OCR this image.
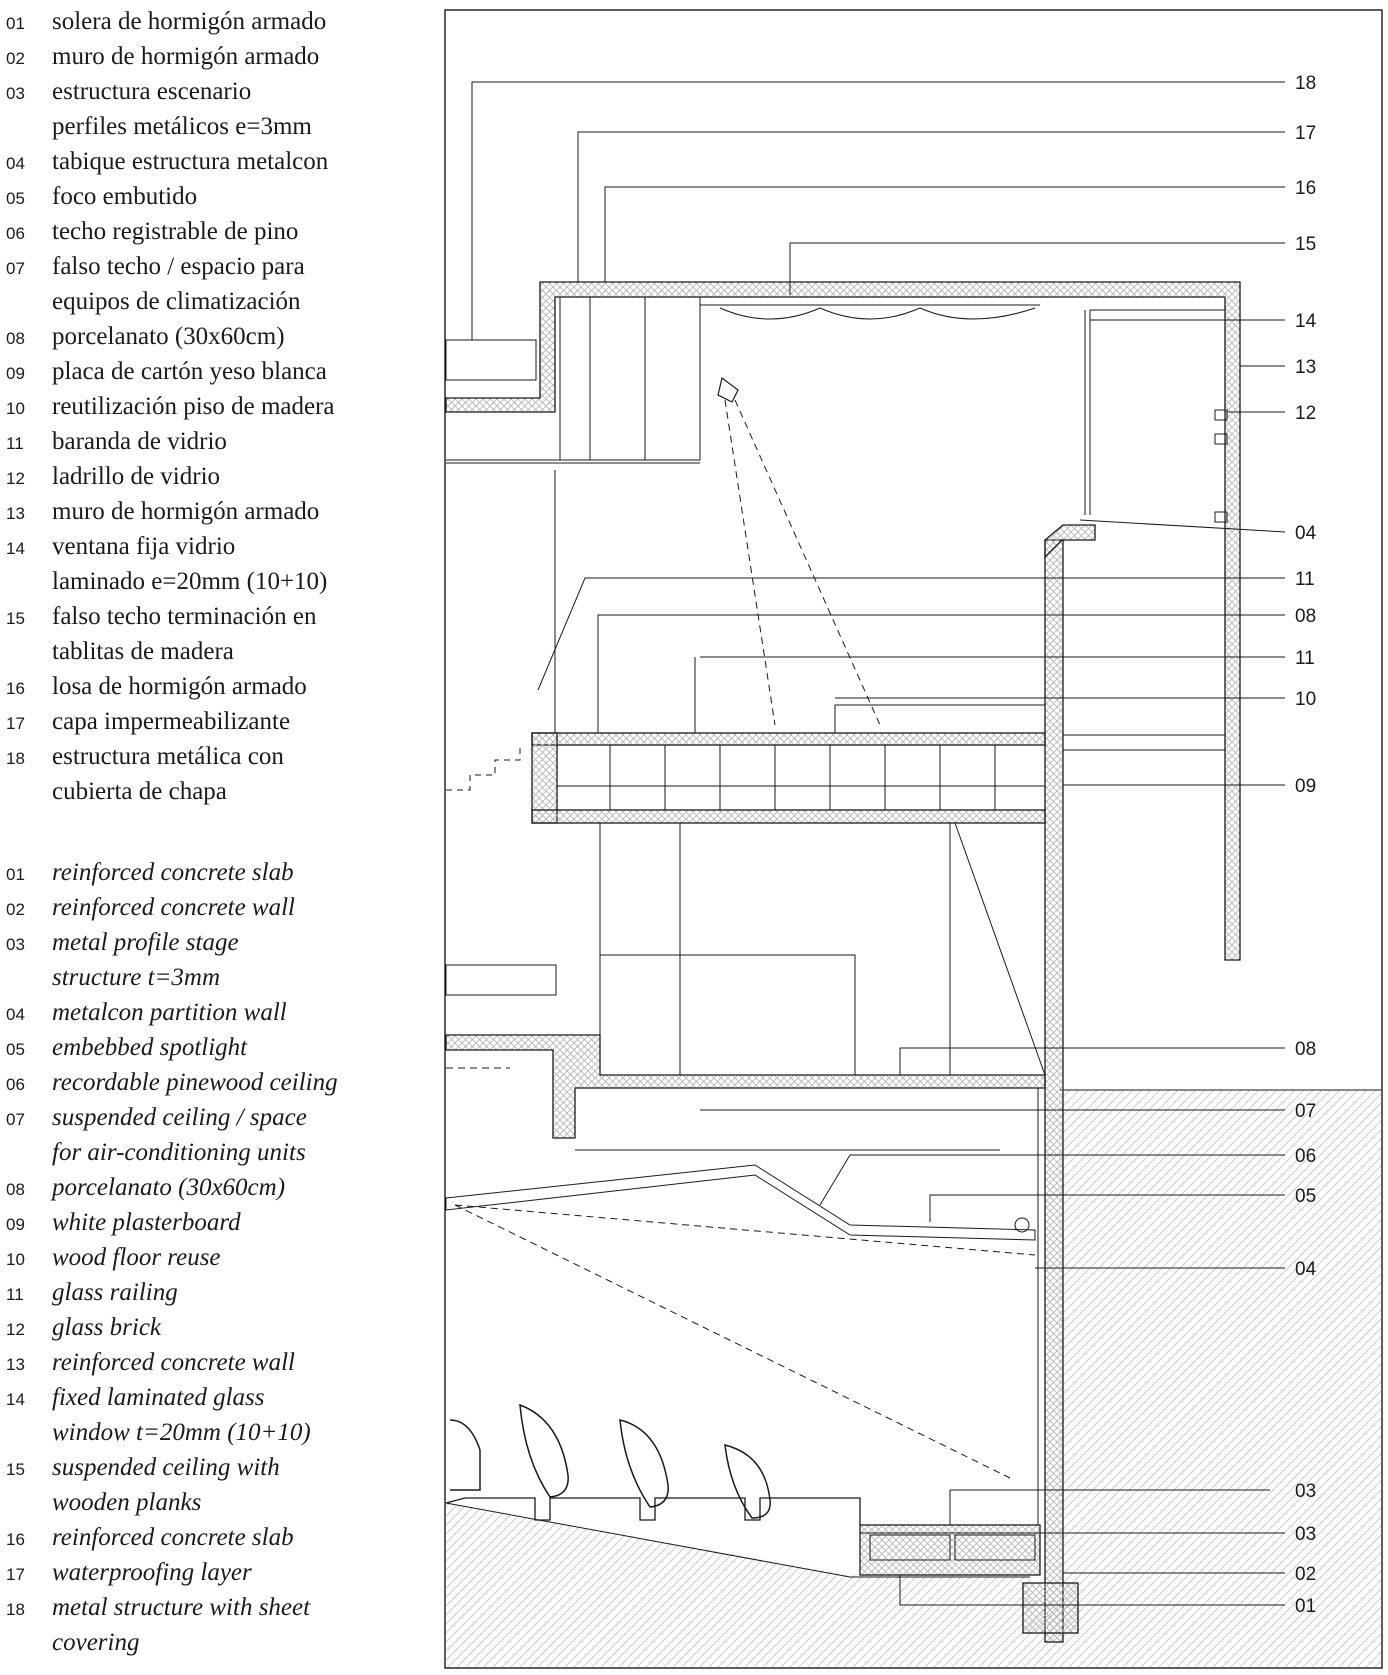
01 solera de hormigón armado
02 muro de hormigón armado
03 estructura escenario
perfiles metálicos e=3mm
04 tabique estructura metalcon
05 foco embutido
06 techo registrable de pino
07 falso techo / espacio para
equipos de climatización
08 porcelanato (30x60cm)
09 placa de cartón yeso blanca
10 reutilización piso de madera
11 baranda de vidrio
12 ladrillo de vidrio
13 muro de hormigón armado
14 ventana fija vidrio
laminado e=20mm (10+10)
15 falso techo terminación en
tablitas de madera
16 losa de hormigón armado
17 capa impermeabilizante
18 estructura metálica con
cubierta de chapa
01 reinforced concrete slab
02 reinforced concrete wall
03 metal profile stage
structure t=3mm
04 metalcon partition wall
05 embebbed spotlight
06 recordable pinewood ceiling
07 suspended ceiling / space
for air-conditioning units
08 porcelanato (30x60cm)
09 white plasterboard
10 wood floor reuse
11 glass railing
12 glass brick
13 reinforced concrete wall
14 fixed laminated glass
window t=20mm (10+10)
15 suspended ceiling with
wooden planks
16 reinforced concrete slab
17 waterproofing layer
18 metal structure with sheet
covering
18
17
16
15
14
13
12
04
11
08
11
10
09
08
07
06
05
04
03
03
02
01
